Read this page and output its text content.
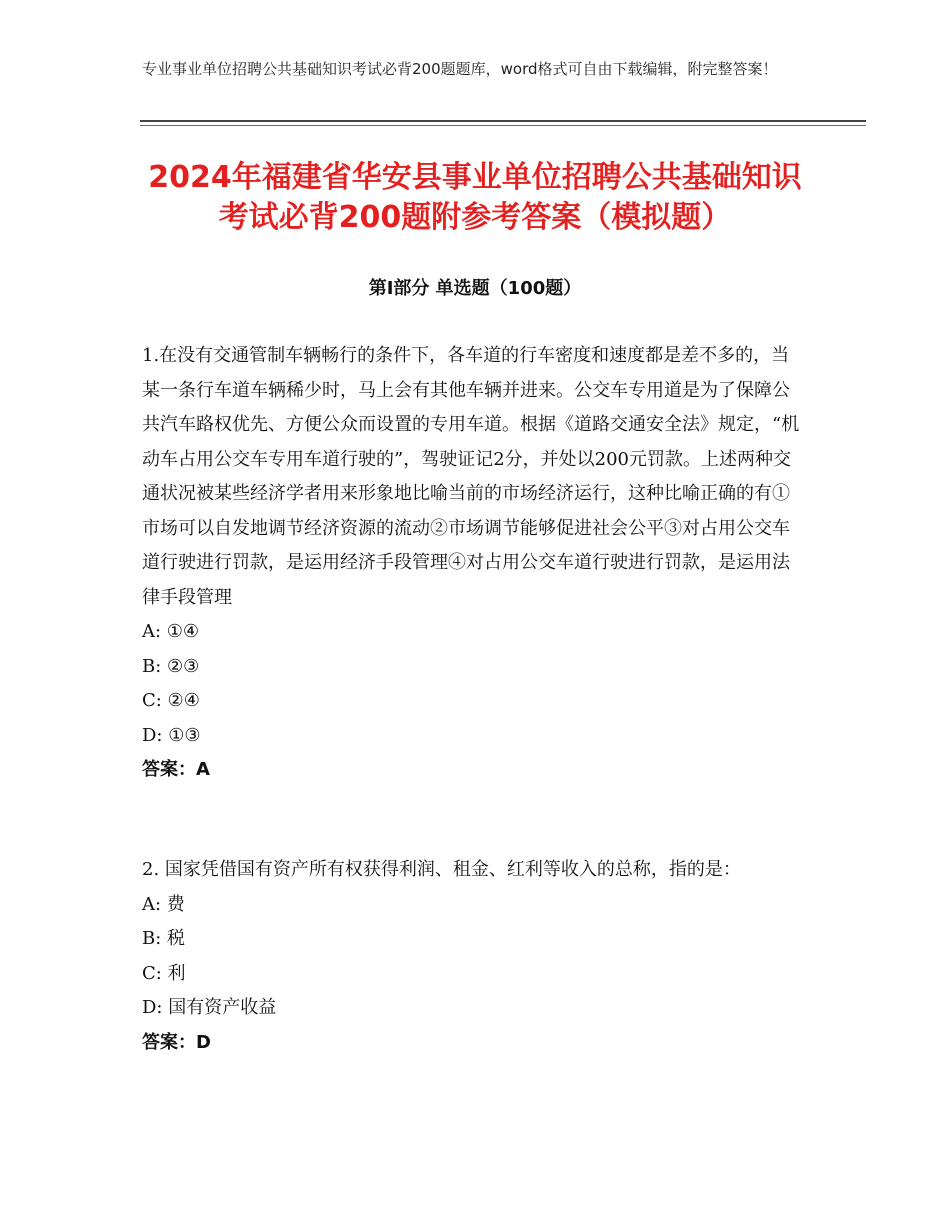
专业事业单位招聘公共基础知识考试必背200题题库，word格式可自由下载编辑，附完整答案！
2024年福建省华安县事业单位招聘公共基础知识考试必背200题附参考答案（模拟题）
第I部分 单选题（100题）

1.在没有交通管制车辆畅行的条件下，各车道的行车密度和速度都是差不多的，当某一条行车道车辆稀少时，马上会有其他车辆并进来。公交车专用道是为了保障公共汽车路权优先、方便公众而设置的专用车道。根据《道路交通安全法》规定，“机动车占用公交车专用车道行驶的”，驾驶证记2分，并处以200元罚款。上述两种交通状况被某些经济学者用来形象地比喻当前的市场经济运行，这种比喻正确的有①市场可以自发地调节经济资源的流动②市场调节能够促进社会公平③对占用公交车道行驶进行罚款，是运用经济手段管理④对占用公交车道行驶进行罚款，是运用法律手段管理

A: ①④

B: ②③

C: ②④

D: ①③

答案：A

2. 国家凭借国有资产所有权获得利润、租金、红利等收入的总称，指的是：

A: 费

B: 税

C: 利

D: 国有资产收益

答案：D
